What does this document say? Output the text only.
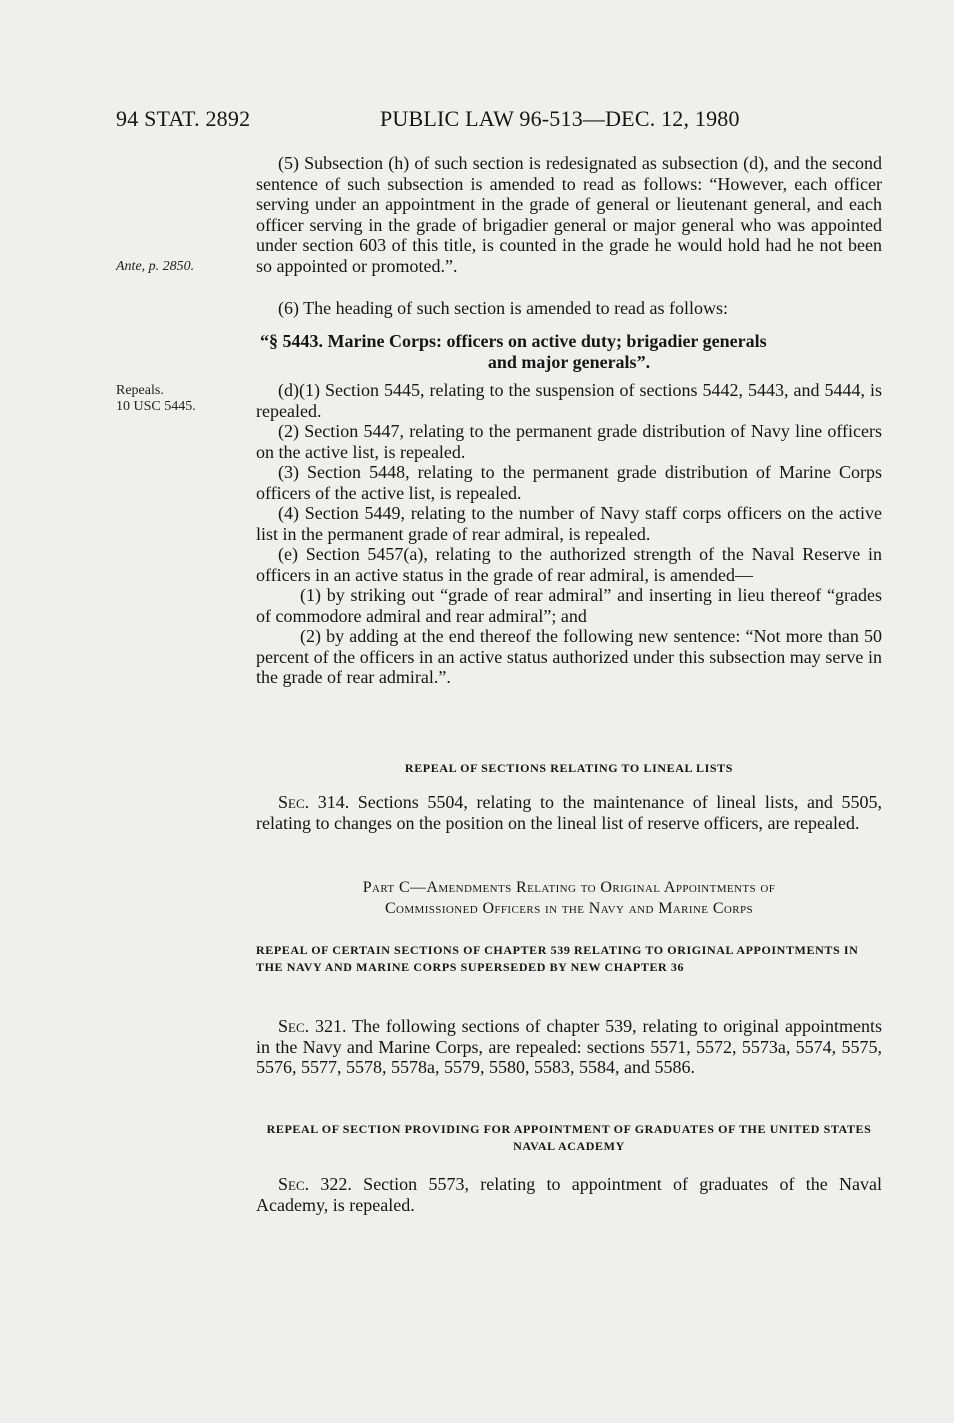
94 STAT. 2892	PUBLIC LAW 96-513—DEC. 12, 1980
Ante, p. 2850.
Repeals.
10 USC 5445.

(5) Subsection (h) of such section is redesignated as subsection (d), and the second sentence of such subsection is amended to read as follows: “However, each officer serving under an appointment in the grade of general or lieutenant general, and each officer serving in the grade of brigadier general or major general who was appointed under section 603 of this title, is counted in the grade he would hold had he not been so appointed or promoted.”.

(6) The heading of such section is amended to read as follows:

“§ 5443. Marine Corps: officers on active duty; brigadier generals
and major generals”.

(d)(1) Section 5445, relating to the suspension of sections 5442, 5443, and 5444, is repealed.

(2) Section 5447, relating to the permanent grade distribution of Navy line officers on the active list, is repealed.

(3) Section 5448, relating to the permanent grade distribution of Marine Corps officers of the active list, is repealed.

(4) Section 5449, relating to the number of Navy staff corps officers on the active list in the permanent grade of rear admiral, is repealed.

(e) Section 5457(a), relating to the authorized strength of the Naval Reserve in officers in an active status in the grade of rear admiral, is amended—

(1) by striking out “grade of rear admiral” and inserting in lieu thereof “grades of commodore admiral and rear admiral”; and

(2) by adding at the end thereof the following new sentence: “Not more than 50 percent of the officers in an active status authorized under this subsection may serve in the grade of rear admiral.”.

REPEAL OF SECTIONS RELATING TO LINEAL LISTS

Sec. 314. Sections 5504, relating to the maintenance of lineal lists, and 5505, relating to changes on the position on the lineal list of reserve officers, are repealed.

Part C—Amendments Relating to Original Appointments of
Commissioned Officers in the Navy and Marine Corps
REPEAL OF CERTAIN SECTIONS OF CHAPTER 539 RELATING TO ORIGINAL APPOINTMENTS IN THE NAVY AND MARINE CORPS SUPERSEDED BY NEW CHAPTER 36

Sec. 321. The following sections of chapter 539, relating to original appointments in the Navy and Marine Corps, are repealed: sections 5571, 5572, 5573a, 5574, 5575, 5576, 5577, 5578, 5578a, 5579, 5580, 5583, 5584, and 5586.

REPEAL OF SECTION PROVIDING FOR APPOINTMENT OF GRADUATES OF THE UNITED STATES NAVAL ACADEMY

Sec. 322. Section 5573, relating to appointment of graduates of the Naval Academy, is repealed.
